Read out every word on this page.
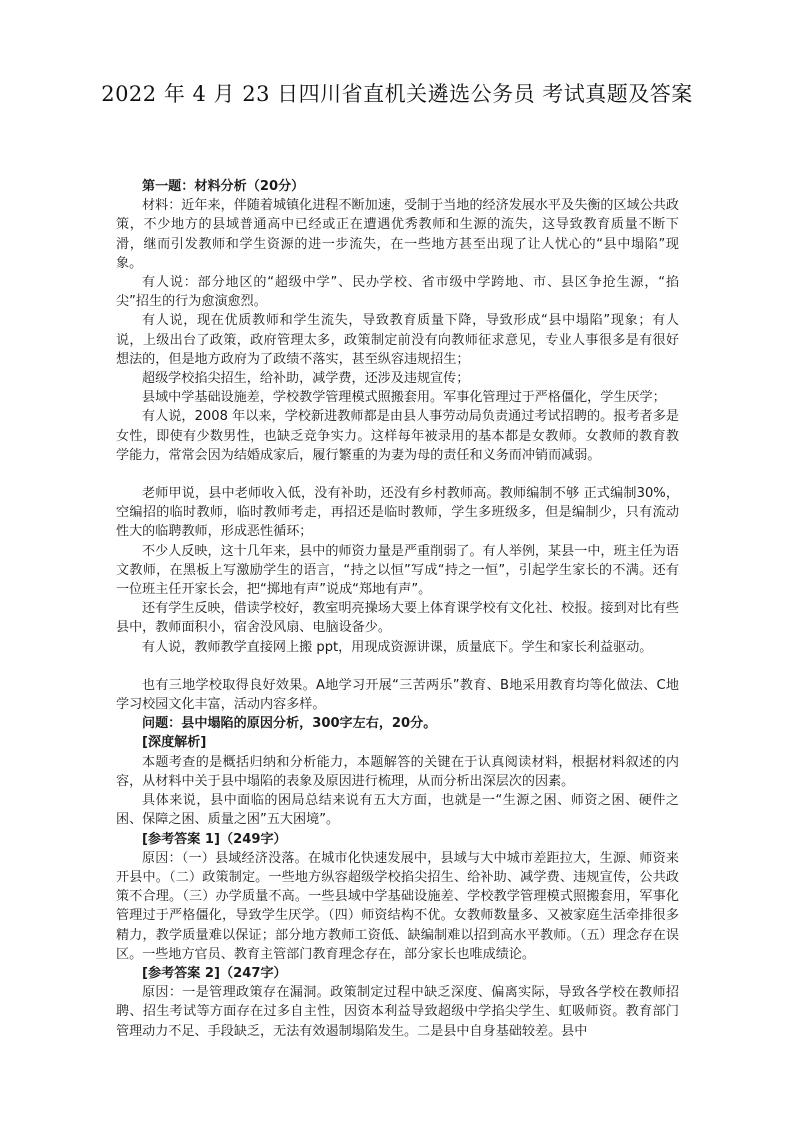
2022 年 4 月 23 日四川省直机关遴选公务员 考试真题及答案

第一题：材料分析（20分）

材料：近年来，伴随着城镇化进程不断加速，受制于当地的经济发展水平及失衡的区域公共政策，不少地方的县域普通高中已经或正在遭遇优秀教师和生源的流失，这导致教育质量不断下滑，继而引发教师和学生资源的进一步流失，在一些地方甚至出现了让人忧心的“县中塌陷”现象。

有人说：部分地区的“超级中学”、民办学校、省市级中学跨地、市、县区争抢生源，“掐尖”招生的行为愈演愈烈。

有人说，现在优质教师和学生流失，导致教育质量下降，导致形成“县中塌陷”现象；有人说，上级出台了政策，政府管理太多，政策制定前没有向教师征求意见，专业人事很多是有很好想法的，但是地方政府为了政绩不落实，甚至纵容违规招生；

超级学校掐尖招生，给补助，减学费，还涉及违规宣传；

县域中学基础设施差，学校教学管理模式照搬套用。军事化管理过于严格僵化，学生厌学；

有人说，2008 年以来，学校新进教师都是由县人事劳动局负责通过考试招聘的。报考者多是女性，即使有少数男性，也缺乏竞争实力。这样每年被录用的基本都是女教师。女教师的教育教学能力，常常会因为结婚成家后，履行繁重的为妻为母的责任和义务而冲销而减弱。

老师甲说，县中老师收入低，没有补助，还没有乡村教师高。教师编制不够 正式编制30%，空编招的临时教师，临时教师考走，再招还是临时教师，学生多班级多，但是编制少，只有流动性大的临聘教师，形成恶性循环；

不少人反映，这十几年来，县中的师资力量是严重削弱了。有人举例，某县一中，班主任为语文教师，在黑板上写激励学生的语言，“持之以恒”写成“持之一恒”，引起学生家长的不满。还有一位班主任开家长会，把“掷地有声”说成“郑地有声”。

还有学生反映，借读学校好，教室明亮操场大要上体育课学校有文化社、校报。接到对比有些县中，教师面积小，宿舍没风扇、电脑设备少。

有人说，教师教学直接网上搬 ppt，用现成资源讲课，质量底下。学生和家长利益驱动。

也有三地学校取得良好效果。A地学习开展“三苦两乐”教育、B地采用教育均等化做法、C地学习校园文化丰富，活动内容多样。

问题：县中塌陷的原因分析，300字左右，20分。

[深度解析]

本题考查的是概括归纳和分析能力，本题解答的关键在于认真阅读材料，根据材料叙述的内容，从材料中关于县中塌陷的表象及原因进行梳理，从而分析出深层次的因素。

具体来说，县中面临的困局总结来说有五大方面，也就是一“生源之困、师资之困、硬件之困、保障之困、质量之困”五大困境”。

[参考答案 1]（249字）

原因：（一）县域经济没落。在城市化快速发展中，县域与大中城市差距拉大，生源、师资来开县中。（二）政策制定。一些地方纵容超级学校掐尖招生、给补助、减学费、违规宣传，公共政策不合理。（三）办学质量不高。一些县域中学基础设施差、学校教学管理模式照搬套用，军事化管理过于严格僵化，导致学生厌学。（四）师资结构不优。女教师数量多、又被家庭生活牵排很多精力，教学质量难以保证；部分地方教师工资低、缺编制难以招到高水平教师。（五）理念存在误区。一些地方官员、教育主管部门教育理念存在，部分家长也唯成绩论。

[参考答案 2]（247字）

原因：一是管理政策存在漏洞。政策制定过程中缺乏深度、偏离实际，导致各学校在教师招聘、招生考试等方面存在过多自主性，因资本利益导致超级中学掐尖学生、虹吸师资。教育部门管理动力不足、手段缺乏，无法有效遏制塌陷发生。二是县中自身基础较差。县中
